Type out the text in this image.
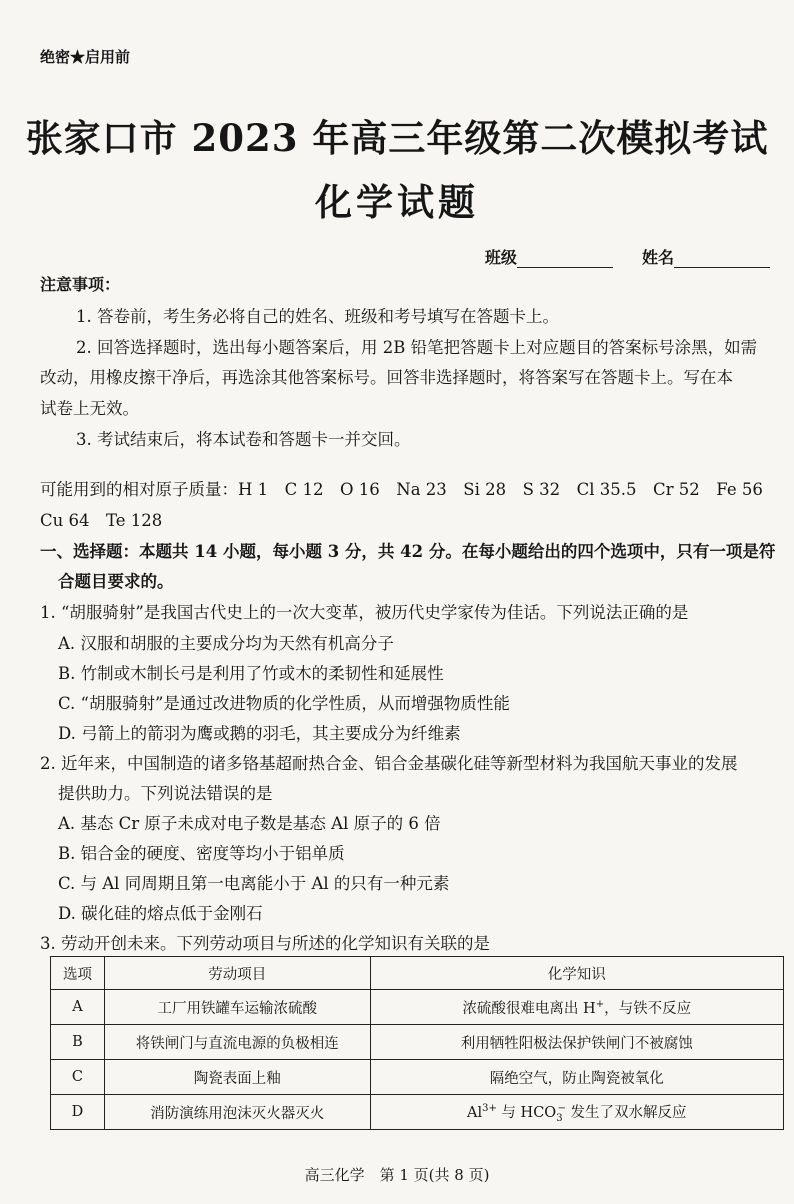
绝密★启用前
张家口市 2023 年高三年级第二次模拟考试
化学试题
班级	姓名
注意事项：
1. 答卷前，考生务必将自己的姓名、班级和考号填写在答题卡上。
2. 回答选择题时，选出每小题答案后，用 2B 铅笔把答题卡上对应题目的答案标号涂黑，如需
改动，用橡皮擦干净后，再选涂其他答案标号。回答非选择题时，将答案写在答题卡上。写在本
试卷上无效。
3. 考试结束后，将本试卷和答题卡一并交回。
可能用到的相对原子质量：H 1　C 12　O 16　Na 23　Si 28　S 32　Cl 35.5　Cr 52　Fe 56
Cu 64　Te 128
一、选择题：本题共 14 小题，每小题 3 分，共 42 分。在每小题给出的四个选项中，只有一项是符
合题目要求的。
1. “胡服骑射”是我国古代史上的一次大变革，被历代史学家传为佳话。下列说法正确的是
A. 汉服和胡服的主要成分均为天然有机高分子
B. 竹制或木制长弓是利用了竹或木的柔韧性和延展性
C. “胡服骑射”是通过改进物质的化学性质，从而增强物质性能
D. 弓箭上的箭羽为鹰或鹅的羽毛，其主要成分为纤维素
2. 近年来，中国制造的诸多铬基超耐热合金、铝合金基碳化硅等新型材料为我国航天事业的发展
提供助力。下列说法错误的是
A. 基态 Cr 原子未成对电子数是基态 Al 原子的 6 倍
B. 铝合金的硬度、密度等均小于铝单质
C. 与 Al 同周期且第一电离能小于 Al 的只有一种元素
D. 碳化硅的熔点低于金刚石
3. 劳动开创未来。下列劳动项目与所述的化学知识有关联的是
选项	劳动项目	化学知识
A	工厂用铁罐车运输浓硫酸	浓硫酸很难电离出 H+，与铁不反应
B	将铁闸门与直流电源的负极相连	利用牺牲阳极法保护铁闸门不被腐蚀
C	陶瓷表面上釉	隔绝空气，防止陶瓷被氧化
D	消防演练用泡沫灭火器灭火	$Al^{3+}$ 与 $HCO_3^-$ 发生了双水解反应
高三化学　第 1 页(共 8 页)
